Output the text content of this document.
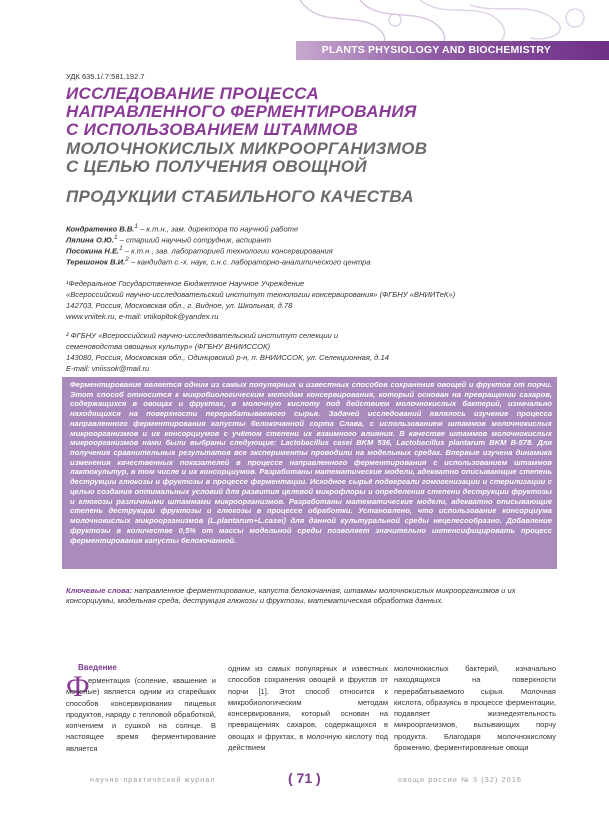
PLANTS PHYSIOLOGY AND BIOCHEMISTRY
УДК 635.1/.7:581.192.7
ИССЛЕДОВАНИЕ ПРОЦЕССА
НАПРАВЛЕННОГО ФЕРМЕНТИРОВАНИЯ
С ИСПОЛЬЗОВАНИЕМ ШТАММОВ
МОЛОЧНОКИСЛЫХ МИКРООРГАНИЗМОВ
С ЦЕЛЬЮ ПОЛУЧЕНИЯ ОВОЩНОЙ
ПРОДУКЦИИ СТАБИЛЬНОГО КАЧЕСТВА
Кондратенко В.В.$^1$ – к.т.н., зам. директора по научной работе
Лялина О.Ю.$^1$ – старший научный сотрудник, аспирант
Посокина Н.Е.$^1$ – к.т.н., зав. лабораторией технологии консервирования
Терешонок В.И.$^2$ – кандидат с.-х. наук, с.н.с. лабораторно-аналитического центра
¹Федеральное Государственное Бюджетное Научное Учреждение
«Всероссийский научно-исследовательский институт технологии консервирования» (ФГБНУ «ВНИИТеК»)
142703, Россия, Московская обл., г. Видное, ул. Школьная, д.78
www.vniitek.ru, e-mail: vnikopltok@yandex.ru
² ФГБНУ «Всероссийский научно-исследовательский институт селекции и
семеноводства овощных культур» (ФГБНУ ВНИИССОК)
143080, Россия, Московская обл., Одинцовский р-н, п. ВНИИССОК, ул. Селекционная, д.14
E-mail: vniissok@mail.ru
Ферментирование является одним из самых популярных и известных способов сохранения овощей и фруктов от порчи. Этот способ относится к микробиологическим методам консервирования, который основан на превращении сахаров, содержащихся в овощах и фруктах, в молочную кислоту под действием молочнокислых бактерий, изначально находящихся на поверхности перерабатываемого сырья. Задачей исследований являлось изучение процесса направленного ферментирования капусты белокочанной сорта Слава, с использованием штаммов молочнокислых микроорганизмов и их консорциумов с учётом степени их взаимного влияния. В качестве штаммов молочнокислых микроорганизмов нами были выбраны следующие: Lactobacillus casei BKM 536, Lactobacillus plantarum BKM B-578. Для получения сравнительных результатов все эксперименты проводили на модельных средах. Впервые изучена динамика изменения качественных показателей в процессе направленного ферментирования с использованием штаммов лактокультур, в том числе и их консорциумов. Разработаны математические модели, адекватно описывающие степень деструкции глюкозы и фруктозы в процессе ферментации. Исходное сырьё подвергали гомогенизации и стерилизации с целью создания оптимальных условий для развития целевой микрофлоры и определения степени деструкции фруктозы и глюкозы различными штаммами микроорганизмов. Разработаны математические модели, адекватно описывающие степень деструкции фруктозы и глюкозы в процессе обработки. Установлено, что использование консорциума молочнокислых микроорганизмов (L.plantarum+L.casei) для данной культуральной среды нецелесообразно. Добавление фруктозы в количестве 0,5% от массы модельной среды позволяет значительно интенсифицировать процесс ферментирования капусты белокочанной.
Ключевые слова: направленное ферментирование, капуста белокочанная, штаммы молочнокислых микроорганизмов и их консорциумы, модельная среда, деструкция глюкозы и фруктозы, математическая обработка данных.
Введение
Ф
ерментация (соление, квашение и моченые) является одним из старейших способов консервирования пищевых продуктов, наряду с тепловой обработкой, копчением и сушкой на солнце. В настоящее время ферментирование является
одним из самых популярных и известных способов сохранения овощей и фруктов от порчи [1]. Этот способ относится к микробиологическим методам консервирования, который основан на превращениях сахаров, содержащихся в овощах и фруктах, в молочную кислоту под действием
молочнокислых бактерий, изначально находящихся на поверхности перерабатываемого сырья. Молочная кислота, образуясь в процессе ферментации, подавляет жизнедеятельность микроорганизмов, вызывающих порчу продукта. Благодаря молочнокислому брожению, ферментированные овощи
научно-практический журнал	( 71 )	овощи россии № 3 (32) 2016
